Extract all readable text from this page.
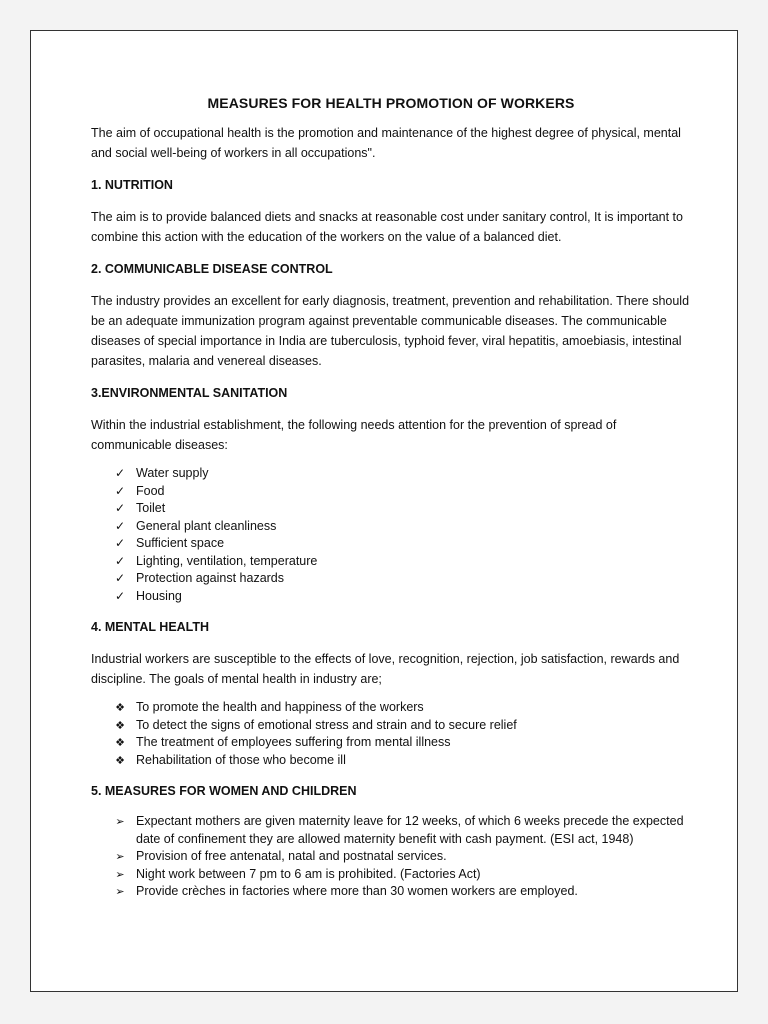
MEASURES FOR HEALTH PROMOTION OF WORKERS

The aim of occupational health is the promotion and maintenance of the highest degree of physical, mental and social well-being of workers in all occupations".

1. NUTRITION

The aim is to provide balanced diets and snacks at reasonable cost under sanitary control, It is important to combine this action with the education of the workers on the value of a balanced diet.

2. COMMUNICABLE DISEASE CONTROL

The industry provides an excellent for early diagnosis, treatment, prevention and rehabilitation. There should be an adequate immunization program against preventable communicable diseases. The communicable diseases of special importance in India are tuberculosis, typhoid fever, viral hepatitis, amoebiasis, intestinal parasites, malaria and venereal diseases.

3.ENVIRONMENTAL SANITATION

Within the industrial establishment, the following needs attention for the prevention of spread of communicable diseases:

✓ Water supply
✓ Food
✓ Toilet
✓ General plant cleanliness
✓ Sufficient space
✓ Lighting, ventilation, temperature
✓ Protection against hazards
✓ Housing
4. MENTAL HEALTH

Industrial workers are susceptible to the effects of love, recognition, rejection, job satisfaction, rewards and discipline. The goals of mental health in industry are;

❖ To promote the health and happiness of the workers
❖ To detect the signs of emotional stress and strain and to secure relief
❖ The treatment of employees suffering from mental illness
❖ Rehabilitation of those who become ill
5. MEASURES FOR WOMEN AND CHILDREN
➢ Expectant mothers are given maternity leave for 12 weeks, of which 6 weeks precede the expected date of confinement they are allowed maternity benefit with cash payment. (ESI act, 1948)
➢ Provision of free antenatal, natal and postnatal services.
➢ Night work between 7 pm to 6 am is prohibited. (Factories Act)
➢ Provide crèches in factories where more than 30 women workers are employed.
